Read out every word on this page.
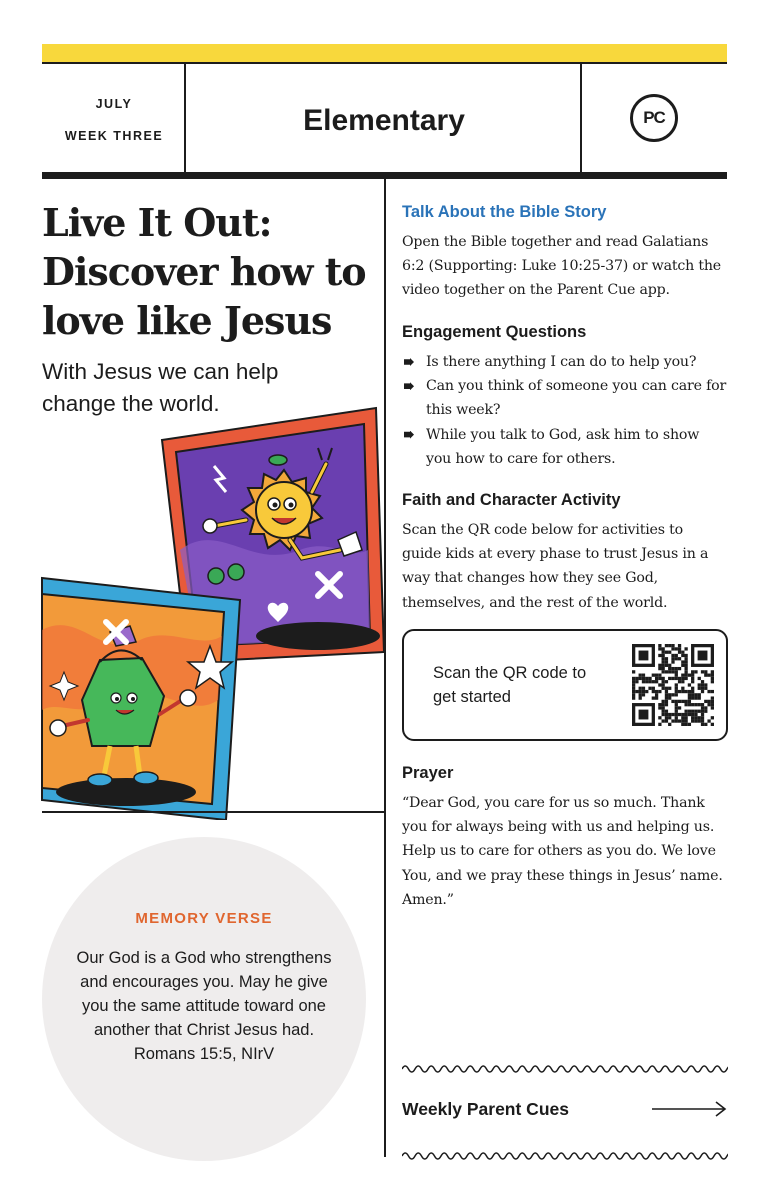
JULY
WEEK THREE	Elementary	PC
Live It Out:
Discover how to
love like Jesus
With Jesus we can help change the world.
MEMORY VERSE
Our God is a God who strengthens and encourages you. May he give you the same attitude toward one another that Christ Jesus had.
Romans 15:5, NIrV
Talk About the Bible Story
Open the Bible together and read Galatians 6:2 (Supporting: Luke 10:25-37) or watch the video together on the Parent Cue app.
Engagement Questions
Is there anything I can do to help you?
Can you think of someone you can care for this week?
While you talk to God, ask him to show you how to care for others.
Faith and Character Activity
Scan the QR code below for activities to guide kids at every phase to trust Jesus in a way that changes how they see God, themselves, and the rest of the world.
Scan the QR code to get started
Prayer
“Dear God, you care for us so much. Thank you for always being with us and helping us. Help us to care for others as you do. We love You, and we pray these things in Jesus’ name. Amen.”
Weekly Parent Cues
